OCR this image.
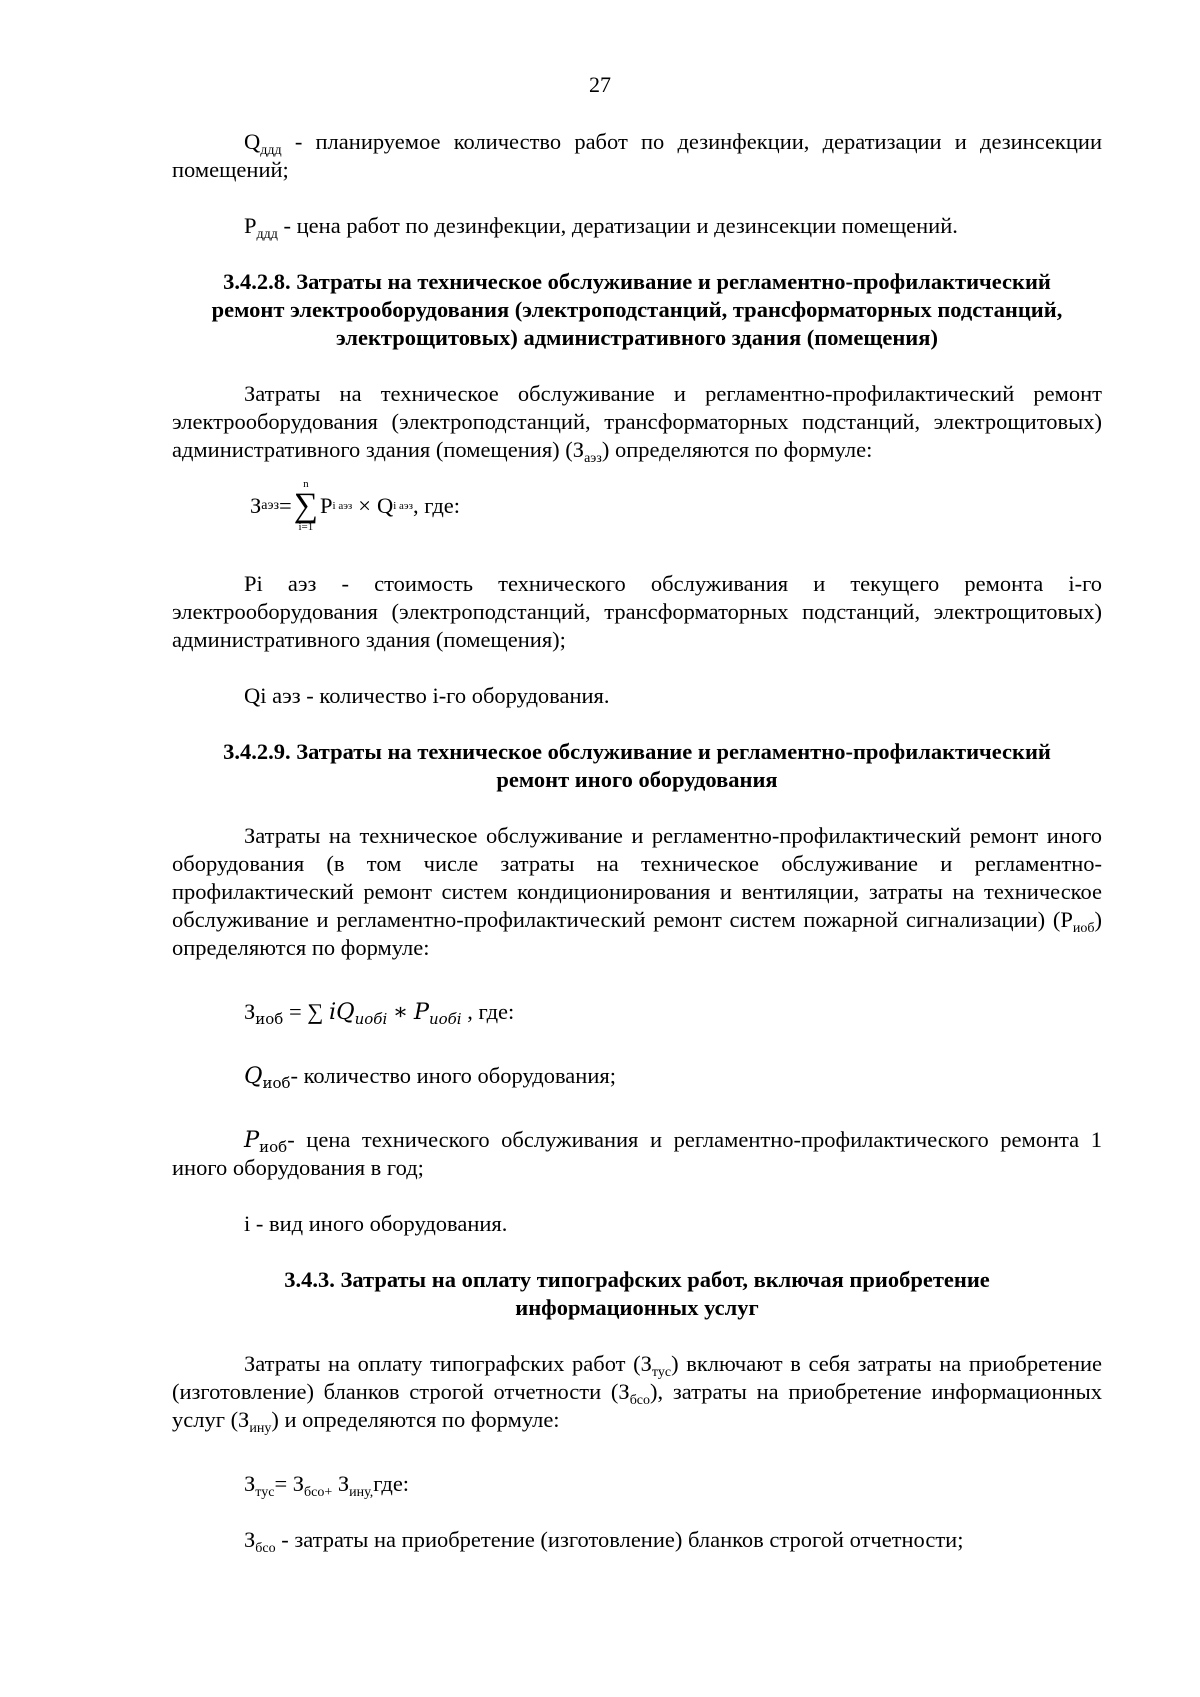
27

$Q_{ддд}$ - планируемое количество работ по дезинфекции, дератизации и дезинсекции помещений;

$P_{ддд}$ - цена работ по дезинфекции, дератизации и дезинсекции помещений.

3.4.2.8. Затраты на техническое обслуживание и регламентно-профилактический
ремонт электрооборудования (электроподстанций, трансформаторных подстанций,
электрощитовых) административного здания (помещения)

Затраты на техническое обслуживание и регламентно-профилактический ремонт электрооборудования (электроподстанций, трансформаторных подстанций, электрощитовых) административного здания (помещения) $(З_{аэз})$ определяются по формуле:

З аэз =
n
∑
i=1
P i аэз × Q i аэз , где:

Pi аэз - стоимость технического обслуживания и текущего ремонта i-го электрооборудования (электроподстанций, трансформаторных подстанций, электрощитовых) административного здания (помещения);

Qi аэз - количество i-го оборудования.

3.4.2.9. Затраты на техническое обслуживание и регламентно-профилактический
ремонт иного оборудования

Затраты на техническое обслуживание и регламентно-профилактический ремонт иного оборудования (в том числе затраты на техническое обслуживание и регламентно-профилактический ремонт систем кондиционирования и вентиляции, затраты на техническое обслуживание и регламентно-профилактический ремонт систем пожарной сигнализации) $(P_{иоб})$ определяются по формуле:

$З_{иоб}$ = ∑ $iQ_{иобi}$ ∗ $P_{иобi}$ , где:

$Q_{иоб}-$ количество иного оборудования;

$P_{иоб}-$ цена технического обслуживания и регламентно-профилактического ремонта 1 иного оборудования в год;

i - вид иного оборудования.

3.4.3. Затраты на оплату типографских работ, включая приобретение
информационных услуг

Затраты на оплату типографских работ $(З_{тус})$ включают в себя затраты на приобретение (изготовление) бланков строгой отчетности $(З_{бсо})$, затраты на приобретение информационных услуг $(З_{ину})$ и определяются по формуле:

$З_{тус}= З_{бсо+}$ $З_{ину,}где$:

$З_{бсо}$ - затраты на приобретение (изготовление) бланков строгой отчетности;
